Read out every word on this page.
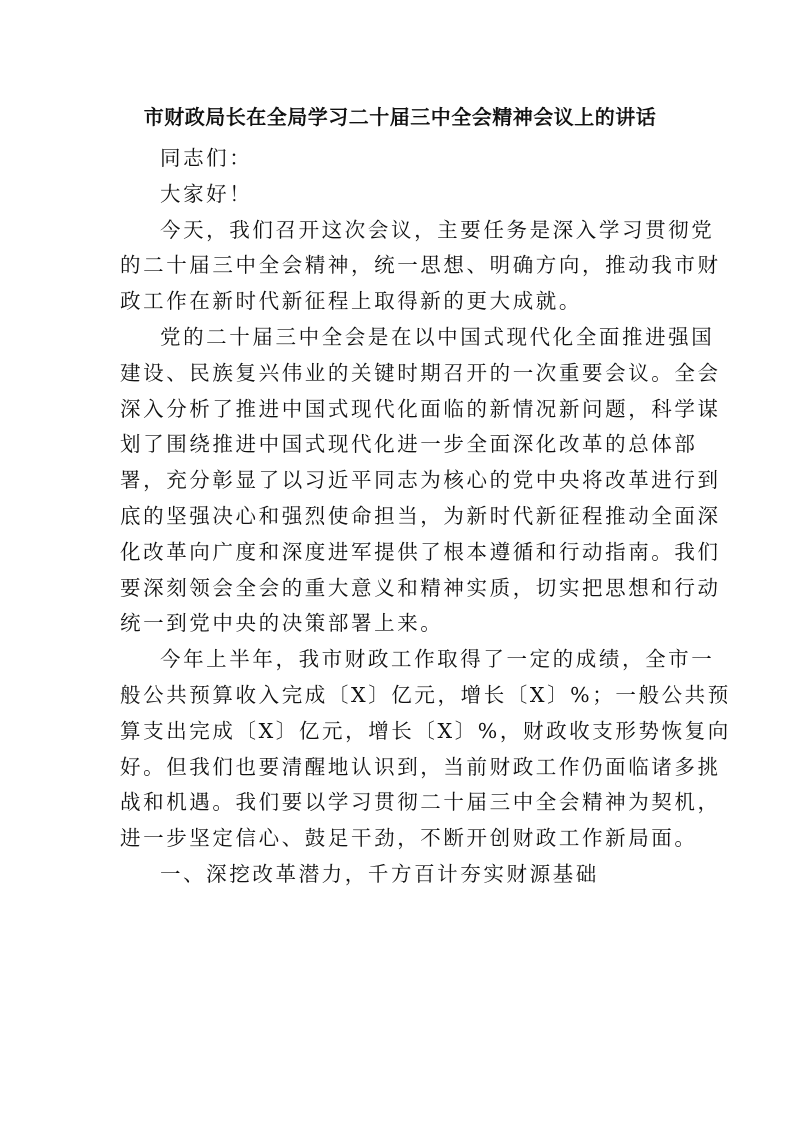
市财政局长在全局学习二十届三中全会精神会议上的讲话

同志们：

大家好！

今天，我们召开这次会议，主要任务是深入学习贯彻党
的二十届三中全会精神，统一思想、明确方向，推动我市财
政工作在新时代新征程上取得新的更大成就。

党的二十届三中全会是在以中国式现代化全面推进强国
建设、民族复兴伟业的关键时期召开的一次重要会议。全会
深入分析了推进中国式现代化面临的新情况新问题，科学谋
划了围绕推进中国式现代化进一步全面深化改革的总体部
署，充分彰显了以习近平同志为核心的党中央将改革进行到
底的坚强决心和强烈使命担当，为新时代新征程推动全面深
化改革向广度和深度进军提供了根本遵循和行动指南。我们
要深刻领会全会的重大意义和精神实质，切实把思想和行动
统一到党中央的决策部署上来。

今年上半年，我市财政工作取得了一定的成绩，全市一
般公共预算收入完成〔X〕亿元，增长〔X〕%；一般公共预
算支出完成〔X〕亿元，增长〔X〕%，财政收支形势恢复向
好。但我们也要清醒地认识到，当前财政工作仍面临诸多挑
战和机遇。我们要以学习贯彻二十届三中全会精神为契机，
进一步坚定信心、鼓足干劲，不断开创财政工作新局面。

一、深挖改革潜力，千方百计夯实财源基础
